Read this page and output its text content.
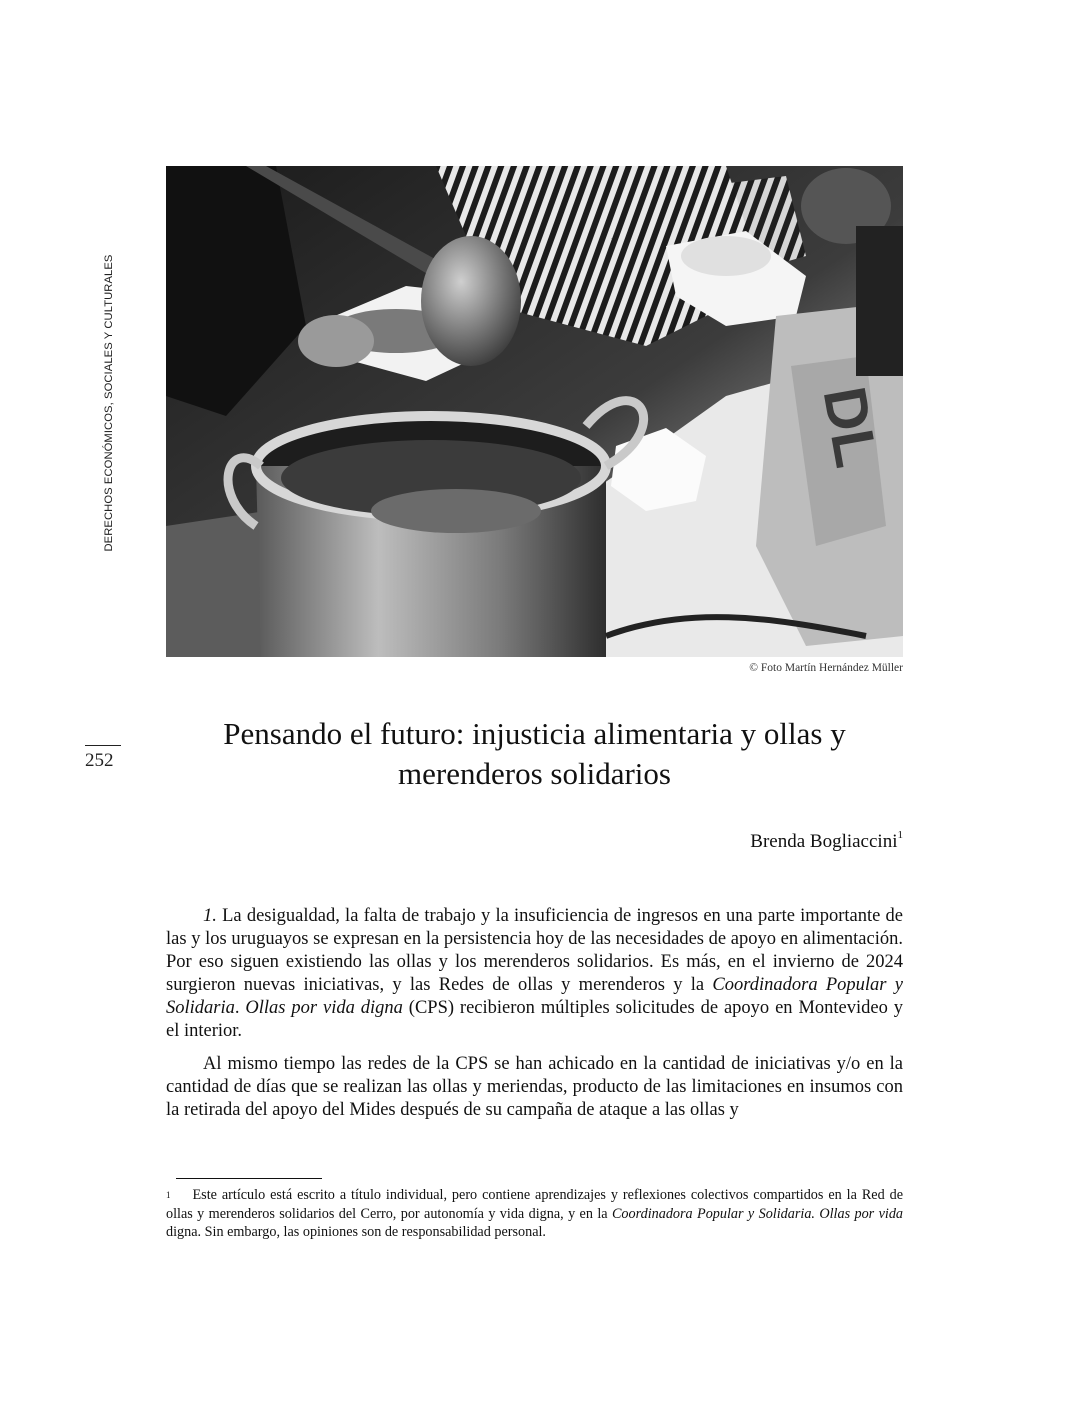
DERECHOS ECONÓMICOS, SOCIALES Y CULTURALES
252
DL
© Foto Martín Hernández Müller
Pensando el futuro: injusticia alimentaria y ollas y merenderos solidarios
Brenda Bogliaccini$^1$

1. La desigualdad, la falta de trabajo y la insuficiencia de ingresos en una parte importante de las y los uruguayos se expresan en la persistencia hoy de las necesidades de apoyo en alimentación. Por eso siguen existiendo las ollas y los merenderos solidarios. Es más, en el invierno de 2024 surgieron nuevas iniciativas, y las Redes de ollas y merenderos y la Coordinadora Popular y Solidaria. Ollas por vida digna (CPS) recibieron múltiples solicitudes de apoyo en Montevideo y el interior.

Al mismo tiempo las redes de la CPS se han achicado en la cantidad de iniciativas y/o en la cantidad de días que se realizan las ollas y meriendas, producto de las limitaciones en insumos con la retirada del apoyo del Mides después de su campaña de ataque a las ollas y

$^1$ Este artículo está escrito a título individual, pero contiene aprendizajes y reflexiones colectivos compartidos en la Red de ollas y merenderos solidarios del Cerro, por autonomía y vida digna, y en la Coordinadora Popular y Solidaria. Ollas por vida digna. Sin embargo, las opiniones son de responsabilidad personal.
